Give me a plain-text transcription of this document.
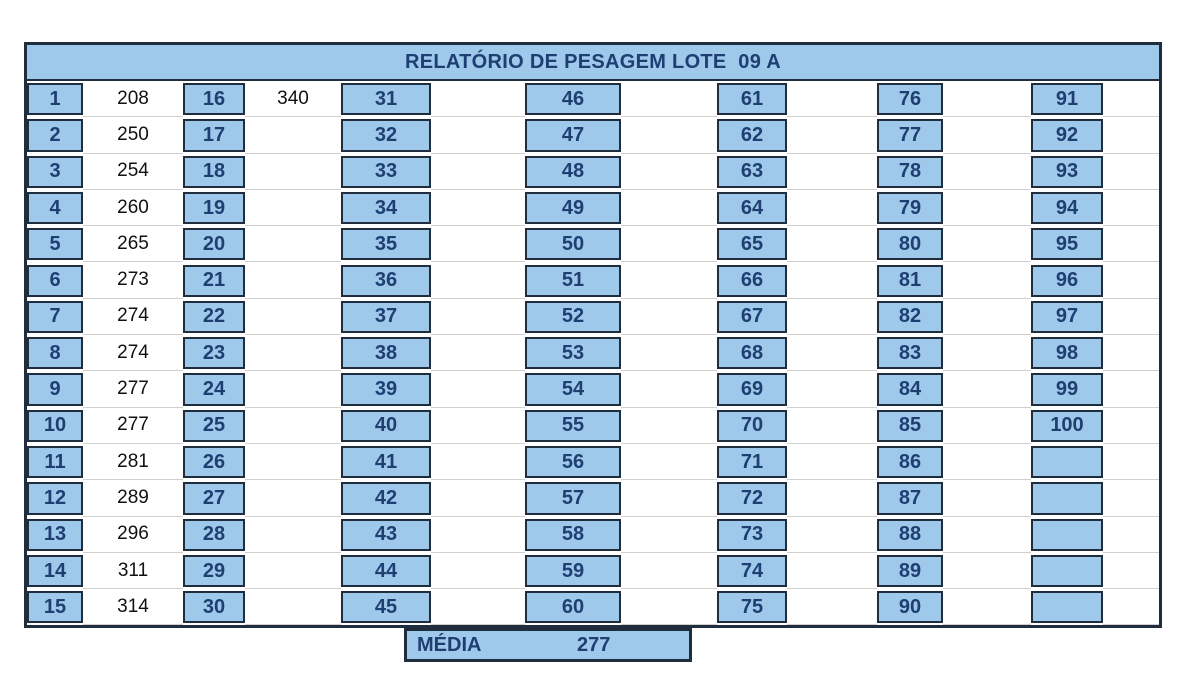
RELATÓRIO DE PESAGEM LOTE  09 A
1
2
3
4
5
6
7
8
9
10
11
12
13
14
15
208
250
254
260
265
273
274
274
277
277
281
289
296
311
314
16
17
18
19
20
21
22
23
24
25
26
27
28
29
30
340	31
32
33
34
35
36
37
38
39
40
41
42
43
44
45
46
47
48
49
50
51
52
53
54
55
56
57
58
59
60
61
62
63
64
65
66
67
68
69
70
71
72
73
74
75
76
77
78
79
80
81
82
83
84
85
86
87
88
89
90
91
92
93
94
95
96
97
98
99
100
MÉDIA	277
